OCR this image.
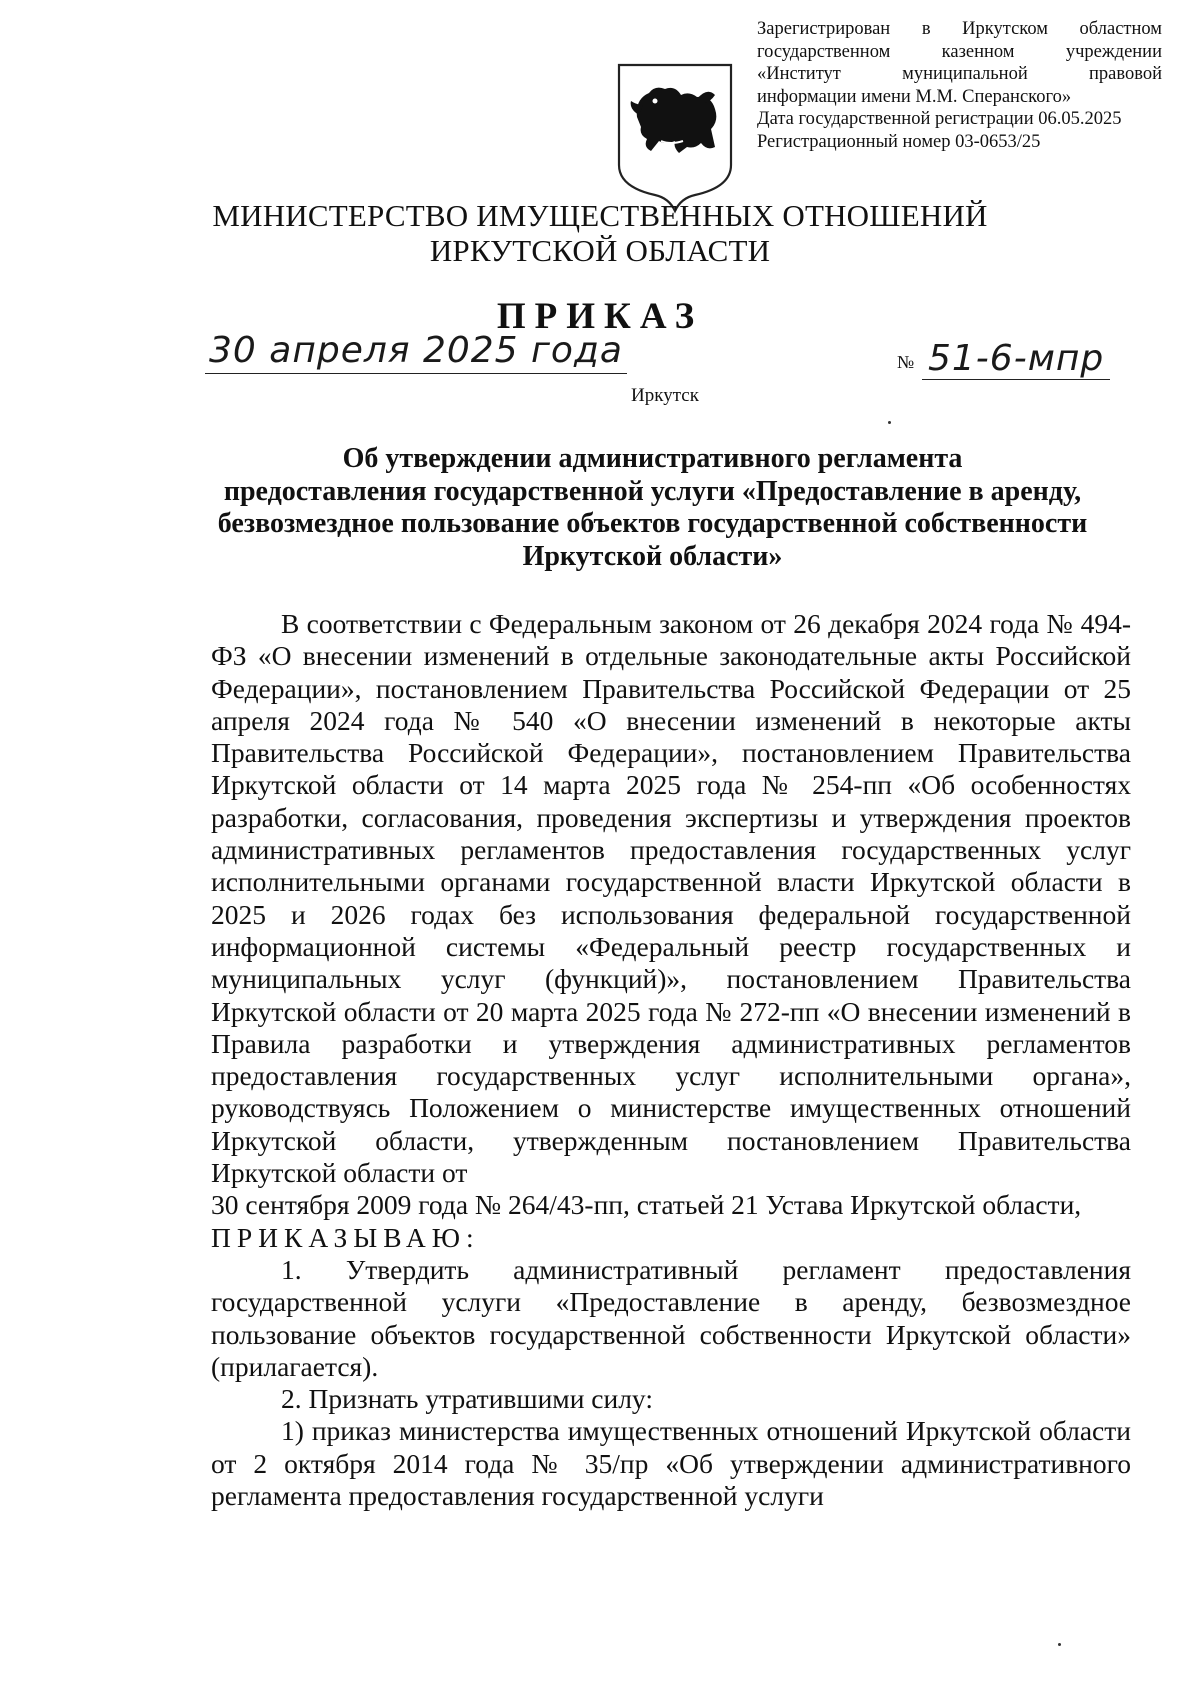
Зарегистрирован в Иркутском областном
государственном казенном учреждении
«Институт муниципальной правовой
информации имени М.М. Сперанского»
Дата государственной регистрации 06.05.2025
Регистрационный номер 03-0653/25
МИНИСТЕРСТВО ИМУЩЕСТВЕННЫХ ОТНОШЕНИЙ
ИРКУТСКОЙ ОБЛАСТИ
ПРИКАЗ
30 апреля 2025 года	№ 51-6-мпр
Иркутск
Об утверждении административного регламента
предоставления государственной услуги «Предоставление в аренду,
безвозмездное пользование объектов государственной собственности
Иркутской области»

В соответствии с Федеральным законом от 26 декабря 2024 года № 494-ФЗ «О внесении изменений в отдельные законодательные акты Российской Федерации», постановлением Правительства Российской Федерации от 25 апреля 2024 года № 540 «О внесении изменений в некоторые акты Правительства Российской Федерации», постановлением Правительства Иркутской области от 14 марта 2025 года № 254-пп «Об особенностях разработки, согласования, проведения экспертизы и утверждения проектов административных регламентов предоставления государственных услуг исполнительными органами государственной власти Иркутской области в 2025 и 2026 годах без использования федеральной государственной информационной системы «Федеральный реестр государственных и муниципальных услуг (функций)», постановлением Правительства Иркутской области от 20 марта 2025 года № 272-пп «О внесении изменений в Правила разработки и утверждения административных регламентов предоставления государственных услуг исполнительными органа», руководствуясь Положением о министерстве имущественных отношений Иркутской области, утвержденным постановлением Правительства Иркутской области от

30 сентября 2009 года № 264/43-пп, статьей 21 Устава Иркутской области,

ПРИКАЗЫВАЮ:

1. Утвердить административный регламент предоставления государственной услуги «Предоставление в аренду, безвозмездное пользование объектов государственной собственности Иркутской области» (прилагается).

2. Признать утратившими силу:

1) приказ министерства имущественных отношений Иркутской области от 2 октября 2014 года № 35/пр «Об утверждении административного регламента предоставления государственной услуги
